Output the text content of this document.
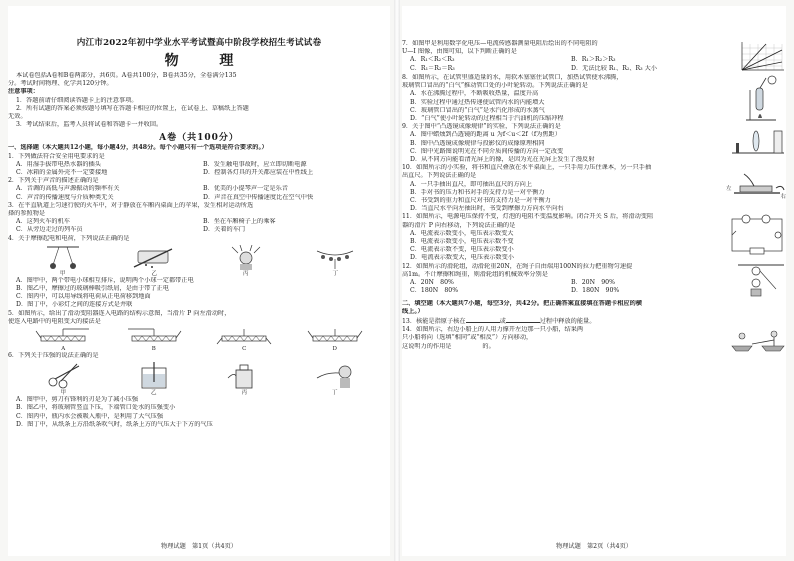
内江市2022年初中学业水平考试暨高中阶段学校招生考试试卷
物 理
本试卷包括A卷和B卷两部分，共6页。A卷共100分，B卷共35分，全卷满分135
分。考试时间物理、化学共120分钟。
注意事项：
1．答题前请仔细阅读答题卡上的注意事项。
2．所有试题的答案必须按题号填写在答题卡相应的位置上，在试卷上、草稿纸上答题
无效。
3．考试结束后，监考人员将试卷和答题卡一并收回。
A卷（共100分）
一、选择题（本大题共12小题，每小题4分，共48分。每个小题只有一个选项是符合要求的。）
1．下列做法符合安全用电要求的是
A．用湿手拔带电热水器的插头	B．发生触电事故时，应立即切断电源
C．冰箱的金属外壳不一定要接地	D．控制各灯具的开关都应装在中性线上
2．下列关于声音的描述正确的是
A．音调的高低与声源振动的频率有关	B．优美的小提琴声一定是乐音
C．声音的传播速度与介质种类无关	D．声音在真空中传播速度比在空气中快
3．在平直轨道上匀速行驶的火车中，对于静放在车厢内桌面上的苹果，发生相对运动所选
择的参照物是
A．这列火车的机车	B．坐在车厢椅子上的乘客
C．从旁边走过的列车员	D．关着的车门
4．关于摩擦起电和电荷，下列说法正确的是
甲	乙	丙	丁
A．图甲中，两个带电小球相互排斥，说明两个小球一定都带正电
B．图乙中，摩擦过的玻璃棒吸引纸屑，是由于带了正电
C．图丙中，可以用导线将电荷从正电荷移到地面
D．图丁中，小彩灯之间的连接方式是并联
5．如图所示，给出了滑动变阻器连入电路的结构示意图，当滑片 P 向左滑动时，
使连入电路中的电阻变大的接法是
A	B	C	D
6．下列关于压强的说法正确的是
甲	乙	丙	丁
A．图甲中，剪刀有锋利的刃是为了减小压强
B．图乙中，将玻璃管竖直下压，下端管口处水的压强变小
C．图丙中，瓶内水会被吸入瓶中，是利用了大气压强
D．图丁中，从纸条上方沿纸条吹气时，纸条上方的气压大于下方的气压
物理试题　第1页（共4页）
7．如图甲是利用数字化电压—电流传感器测量电阻后绘出的不同电阻的
U—I 图像，由图可知，以下判断正确的是
A．R₁＜R₂＜R₃	B．R₁＞R₂＞R₃
C．R₁＝R₂＝R₃	D．无法比较 R₁、R₂、R₃ 大小
8．如图所示，在试管里盛适量的水，用软木塞塞住试管口，加热试管使水沸腾，
玻璃管口冒出的“白气”推动管口处的小叶轮转动。下列说法正确的是
A．水在沸腾过程中，不断吸收热量，温度升高
B．实验过程中通过热传递使试管内水的内能增大
C．玻璃管口冒出的“白气”是水汽化形成的水蒸气
D．“白气”使小叶轮转动的过程相当于汽油机的压缩冲程
9．关于图中“凸透镜成像规律”的实验，下列说法正确的是
A．图中蜡烛到凸透镜的距离 u 为f＜u＜2f（f为焦距）
B．图中凸透镜成像规律与投影仪的成像原理相同
C．图中光路图说明光在不同介质间传播的方向一定改变
D．从不同方向能看清光屏上的像，是因为光在光屏上发生了漫反射
10．如图所示的小实验，将书和直尺叠放在水平桌面上，一只手用力压住课本，另一只手抽
出直尺。下列说法正确的是
A．一只手抽出直尺，即可抽出直尺的方向上
B．手对书的压力和书对手的支持力是一对平衡力
C．书受到的重力和直尺对书的支持力是一对平衡力
D．当直尺水平向左抽出时，书受到摩擦力方向水平向右
左
右
11．如图所示，电源电压保持不变，灯泡的电阻不变温度影响。闭合开关 S 后，将滑动变阻
器的滑片 P 向右移动，下列说法正确的是
A．电流表示数变小，电压表示数变大
B．电流表示数变小，电压表示数不变
C．电流表示数不变，电压表示数变小
D．电流表示数变大，电压表示数变小
12．如图所示的滑轮组，动滑轮重20N，在绳子自由端用100N的拉力把重物匀速提
高1m。不计摩擦和绳重，则滑轮组的机械效率分别是
A．20N　80%	B．20N　90%
C．180N　80%	D．180N　90%
二、填空题（本大题共7小题，每空3分，共42分。把正确答案直接填在答题卡相应的横
线上。）
13．核能是指原子核在	或	过程中释放的能量。
14．如图所示，右边小船上的人用力撑开左边那一只小船，结果两
只小船将向（选填“相同”或“相反”）方向移动，
这说明力的作用是　　　　　的。
物理试题　第2页（共4页）
